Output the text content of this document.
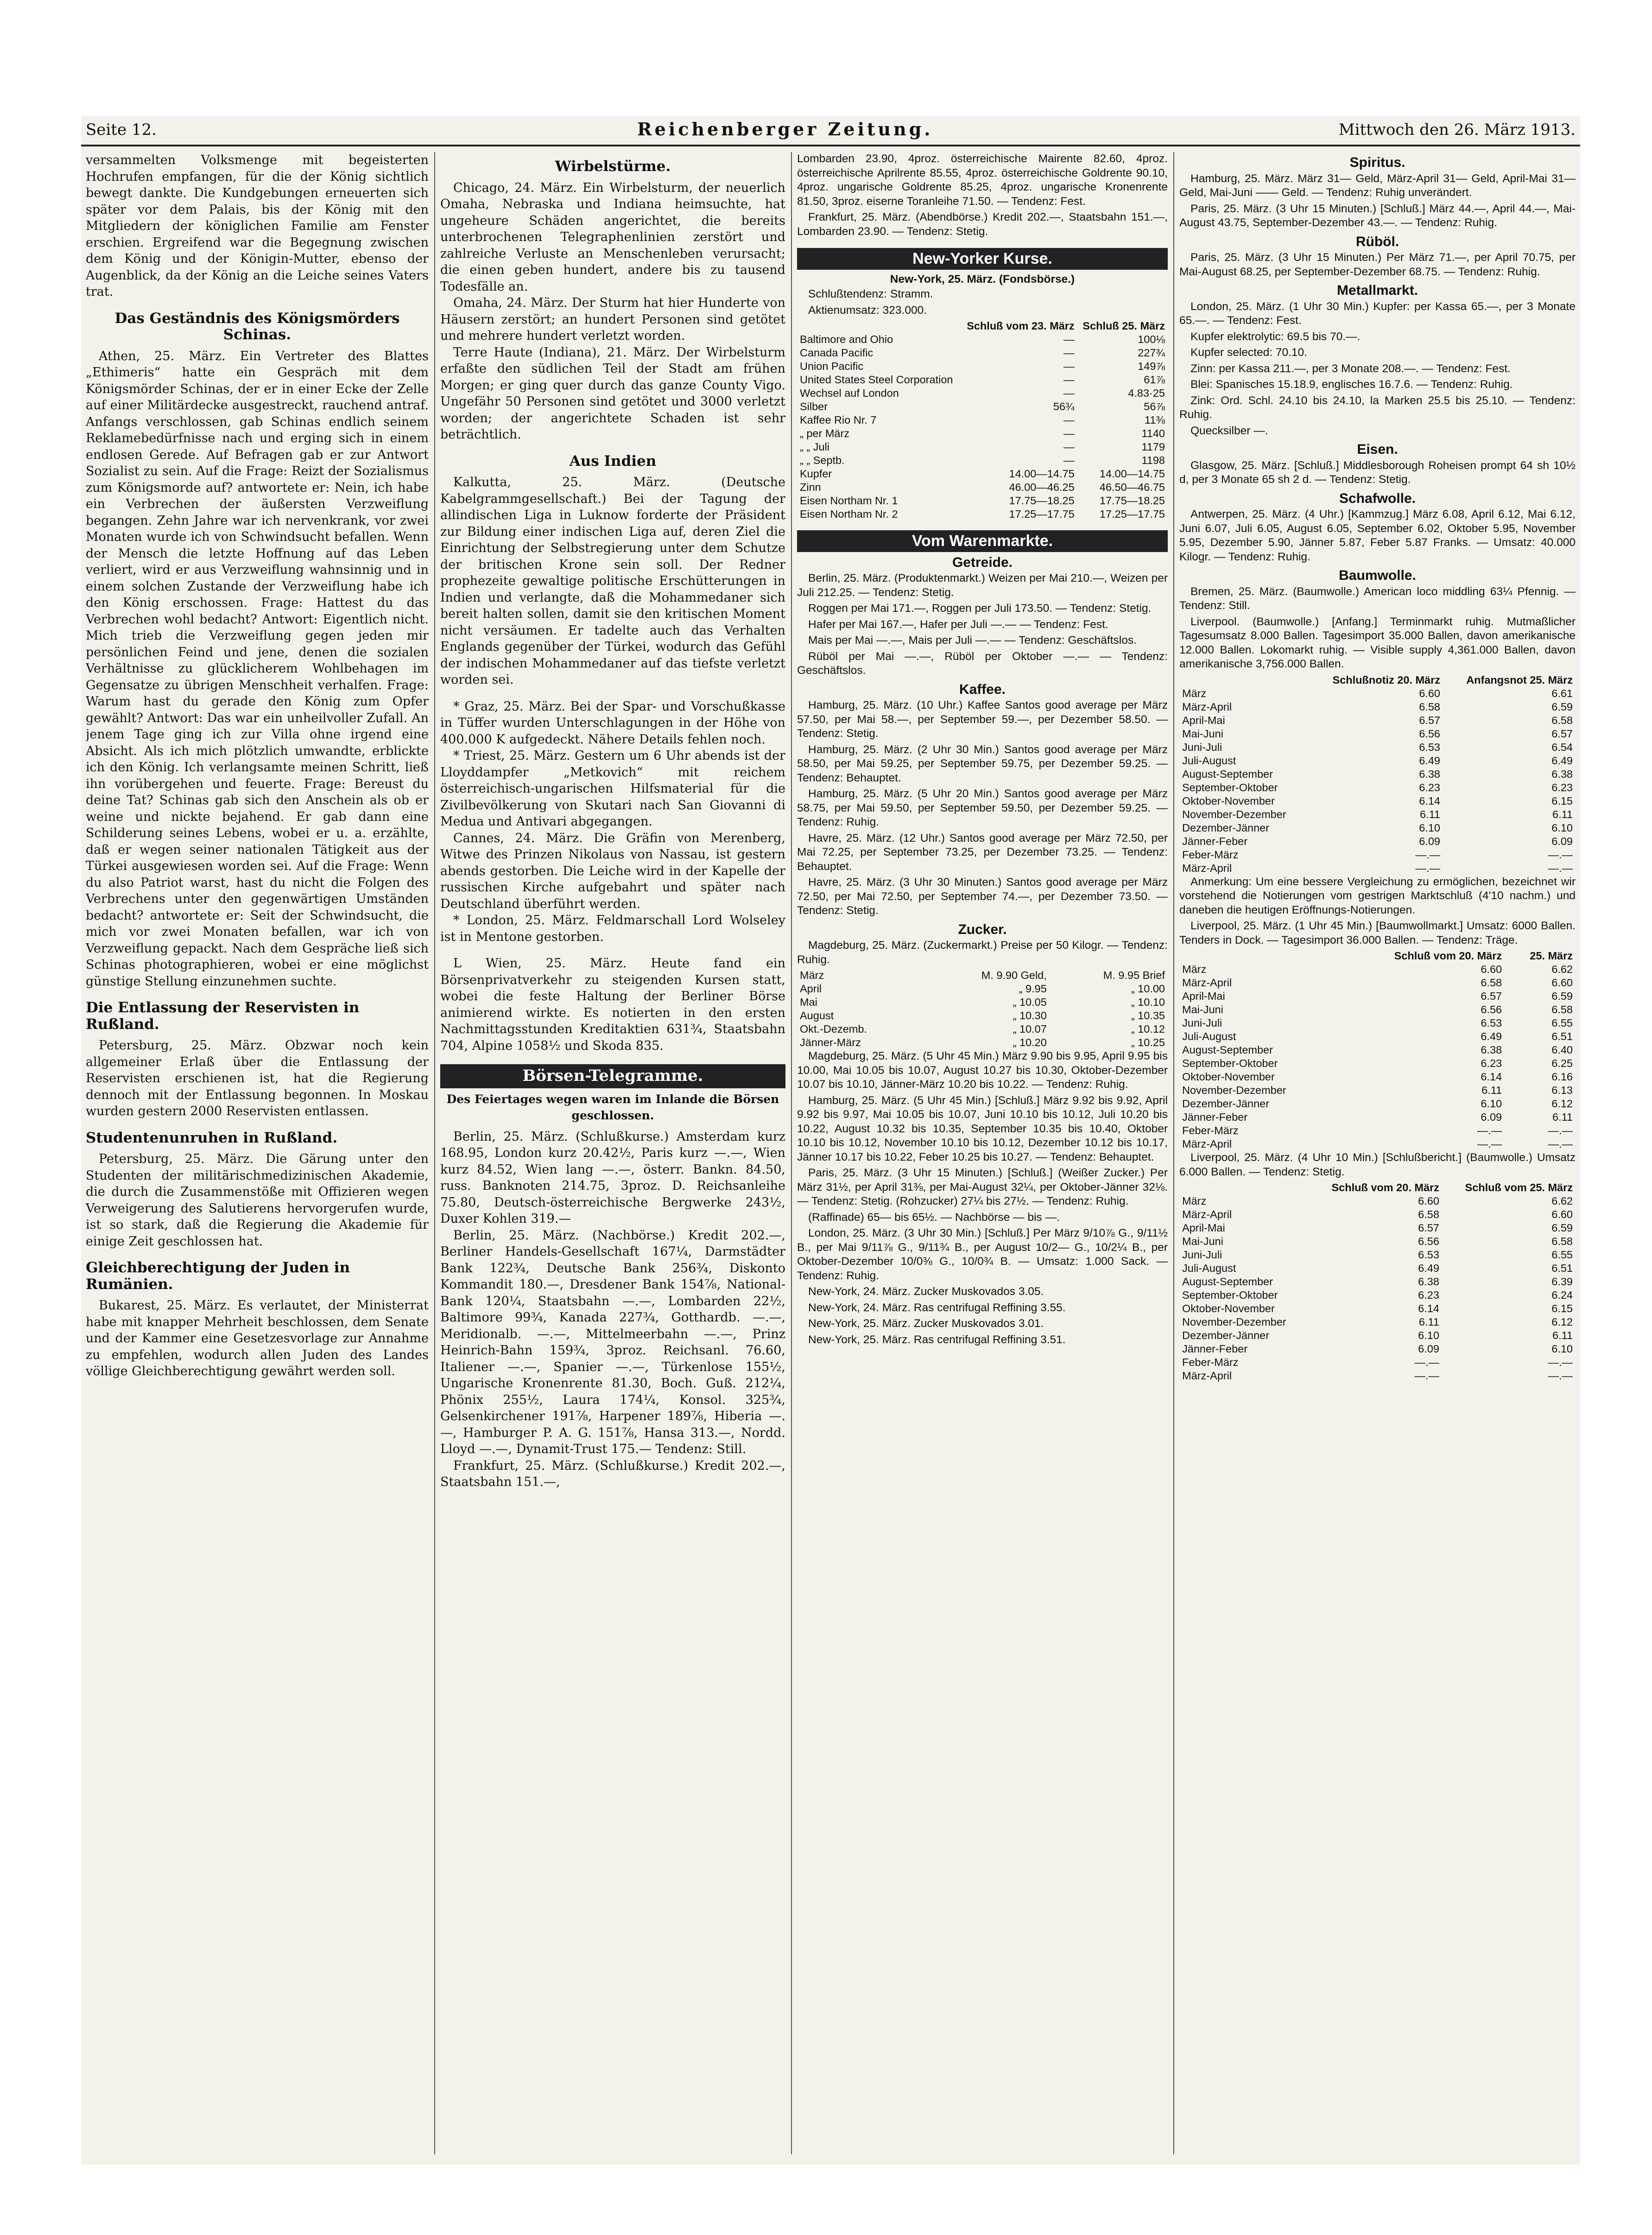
Seite 12.	Reichenberger Zeitung.	Mittwoch den 26. März 1913.

versammelten Volksmenge mit begeisterten Hochrufen empfangen, für die der König sichtlich bewegt dankte. Die Kundgebungen erneuerten sich später vor dem Palais, bis der König mit den Mitgliedern der königlichen Familie am Fenster erschien. Ergreifend war die Begegnung zwischen dem König und der Königin-Mutter, ebenso der Augenblick, da der König an die Leiche seines Vaters trat.

Das Geständnis des Königsmörders Schinas.

Athen, 25. März. Ein Vertreter des Blattes „Ethimeris“ hatte ein Gespräch mit dem Königsmörder Schinas, der er in einer Ecke der Zelle auf einer Militärdecke ausgestreckt, rauchend antraf. Anfangs verschlossen, gab Schinas endlich seinem Reklamebedürfnisse nach und erging sich in einem endlosen Gerede. Auf Befragen gab er zur Antwort Sozialist zu sein. Auf die Frage: Reizt der Sozialismus zum Königsmorde auf? antwortete er: Nein, ich habe ein Verbrechen der äußersten Verzweiflung begangen. Zehn Jahre war ich nervenkrank, vor zwei Monaten wurde ich von Schwindsucht befallen. Wenn der Mensch die letzte Hoffnung auf das Leben verliert, wird er aus Verzweiflung wahnsinnig und in einem solchen Zustande der Verzweiflung habe ich den König erschossen. Frage: Hattest du das Verbrechen wohl bedacht? Antwort: Eigentlich nicht. Mich trieb die Verzweiflung gegen jeden mir persönlichen Feind und jene, denen die sozialen Verhältnisse zu glücklicherem Wohlbehagen im Gegensatze zu übrigen Menschheit verhalfen. Frage: Warum hast du gerade den König zum Opfer gewählt? Antwort: Das war ein unheilvoller Zufall. An jenem Tage ging ich zur Villa ohne irgend eine Absicht. Als ich mich plötzlich umwandte, erblickte ich den König. Ich verlangsamte meinen Schritt, ließ ihn vorübergehen und feuerte. Frage: Bereust du deine Tat? Schinas gab sich den Anschein als ob er weine und nickte bejahend. Er gab dann eine Schilderung seines Lebens, wobei er u. a. erzählte, daß er wegen seiner nationalen Tätigkeit aus der Türkei ausgewiesen worden sei. Auf die Frage: Wenn du also Patriot warst, hast du nicht die Folgen des Verbrechens unter den gegenwärtigen Umständen bedacht? antwortete er: Seit der Schwindsucht, die mich vor zwei Monaten befallen, war ich von Verzweiflung gepackt. Nach dem Gespräche ließ sich Schinas photographieren, wobei er eine möglichst günstige Stellung einzunehmen suchte.

Die Entlassung der Reservisten in Rußland.

Petersburg, 25. März. Obzwar noch kein allgemeiner Erlaß über die Entlassung der Reservisten erschienen ist, hat die Regierung dennoch mit der Entlassung begonnen. In Moskau wurden gestern 2000 Reservisten entlassen.

Studentenunruhen in Rußland.

Petersburg, 25. März. Die Gärung unter den Studenten der militärischmedizinischen Akademie, die durch die Zusammenstöße mit Offizieren wegen Verweigerung des Salutierens hervorgerufen wurde, ist so stark, daß die Regierung die Akademie für einige Zeit geschlossen hat.

Gleichberechtigung der Juden in Rumänien.

Bukarest, 25. März. Es verlautet, der Ministerrat habe mit knapper Mehrheit beschlossen, dem Senate und der Kammer eine Gesetzesvorlage zur Annahme zu empfehlen, wodurch allen Juden des Landes völlige Gleichberechtigung gewährt werden soll.

Wirbelstürme.

Chicago, 24. März. Ein Wirbelsturm, der neuerlich Omaha, Nebraska und Indiana heimsuchte, hat ungeheure Schäden angerichtet, die bereits unterbrochenen Telegraphenlinien zerstört und zahlreiche Verluste an Menschenleben verursacht; die einen geben hundert, andere bis zu tausend Todesfälle an.

Omaha, 24. März. Der Sturm hat hier Hunderte von Häusern zerstört; an hundert Personen sind getötet und mehrere hundert verletzt worden.

Terre Haute (Indiana), 21. März. Der Wirbelsturm erfaßte den südlichen Teil der Stadt am frühen Morgen; er ging quer durch das ganze County Vigo. Ungefähr 50 Personen sind getötet und 3000 verletzt worden; der angerichtete Schaden ist sehr beträchtlich.

Aus Indien

Kalkutta, 25. März. (Deutsche Kabelgrammgesellschaft.) Bei der Tagung der allindischen Liga in Luknow forderte der Präsident zur Bildung einer indischen Liga auf, deren Ziel die Einrichtung der Selbstregierung unter dem Schutze der britischen Krone sein soll. Der Redner prophezeite gewaltige politische Erschütterungen in Indien und verlangte, daß die Mohammedaner sich bereit halten sollen, damit sie den kritischen Moment nicht versäumen. Er tadelte auch das Verhalten Englands gegenüber der Türkei, wodurch das Gefühl der indischen Mohammedaner auf das tiefste verletzt worden sei.

* Graz, 25. März. Bei der Spar- und Vorschußkasse in Tüffer wurden Unterschlagungen in der Höhe von 400.000 K aufgedeckt. Nähere Details fehlen noch.

* Triest, 25. März. Gestern um 6 Uhr abends ist der Lloyddampfer „Metkovich“ mit reichem österreichisch-ungarischen Hilfsmaterial für die Zivilbevölkerung von Skutari nach San Giovanni di Medua und Antivari abgegangen.

Cannes, 24. März. Die Gräfin von Merenberg, Witwe des Prinzen Nikolaus von Nassau, ist gestern abends gestorben. Die Leiche wird in der Kapelle der russischen Kirche aufgebahrt und später nach Deutschland überführt werden.

* London, 25. März. Feldmarschall Lord Wolseley ist in Mentone gestorben.

L Wien, 25. März. Heute fand ein Börsenprivatverkehr zu steigenden Kursen statt, wobei die feste Haltung der Berliner Börse animierend wirkte. Es notierten in den ersten Nachmittagsstunden Kreditaktien 631¾, Staatsbahn 704, Alpine 1058½ und Skoda 835.

Börsen-Telegramme.
Des Feiertages wegen waren im Inlande die Börsen geschlossen.

Berlin, 25. März. (Schlußkurse.) Amsterdam kurz 168.95, London kurz 20.42½, Paris kurz —.—, Wien kurz 84.52, Wien lang —.—, österr. Bankn. 84.50, russ. Banknoten 214.75, 3proz. D. Reichsanleihe 75.80, Deutsch-österreichische Bergwerke 243½, Duxer Kohlen 319.—

Berlin, 25. März. (Nachbörse.) Kredit 202.—, Berliner Handels-Gesellschaft 167¼, Darmstädter Bank 122¾, Deutsche Bank 256¾, Diskonto Kommandit 180.—, Dresdener Bank 154⅞, National-Bank 120¼, Staatsbahn —.—, Lombarden 22½, Baltimore 99¾, Kanada 227¾, Gotthardb. —.—, Meridionalb. —.—, Mittelmeerbahn —.—, Prinz Heinrich-Bahn 159¾, 3proz. Reichsanl. 76.60, Italiener —.—, Spanier —.—, Türkenlose 155½, Ungarische Kronenrente 81.30, Boch. Guß. 212¼, Phönix 255½, Laura 174¼, Konsol. 325¾, Gelsenkirchener 191⅞, Harpener 189⅞, Hiberia —.—, Hamburger P. A. G. 151⅞, Hansa 313.—, Nordd. Lloyd —.—, Dynamit-Trust 175.— Tendenz: Still.

Frankfurt, 25. März. (Schlußkurse.) Kredit 202.—, Staatsbahn 151.—,

Lombarden 23.90, 4proz. österreichische Mairente 82.60, 4proz. österreichische Aprilrente 85.55, 4proz. österreichische Goldrente 90.10, 4proz. ungarische Goldrente 85.25, 4proz. ungarische Kronenrente 81.50, 3proz. eiserne Toranleihe 71.50. — Tendenz: Fest.

Frankfurt, 25. März. (Abendbörse.) Kredit 202.—, Staatsbahn 151.—, Lombarden 23.90. — Tendenz: Stetig.

New-Yorker Kurse.

New-York, 25. März. (Fondsbörse.)

Schlußtendenz: Stramm.

Aktienumsatz: 323.000.

	Schluß vom 23. März	Schluß 25. März
Baltimore and Ohio	—	100⅛
Canada Pacific	—	227¾
Union Pacific	—	149⅞
United States Steel Corporation	—	61⅞
Wechsel auf London	—	4.83·25
Silber	56¾	56⅞
Kaffee Rio Nr. 7	—	11⅜
„ per März	—	1140
„ „ Juli	—	1179
„ „ Septb.	—	1198
Kupfer	14.00—14.75	14.00—14.75
Zinn	46.00—46.25	46.50—46.75
Eisen Northam Nr. 1	17.75—18.25	17.75—18.25
Eisen Northam Nr. 2	17.25—17.75	17.25—17.75
Vom Warenmarkte.
Getreide.

Berlin, 25. März. (Produktenmarkt.) Weizen per Mai 210.—, Weizen per Juli 212.25. — Tendenz: Stetig.

Roggen per Mai 171.—, Roggen per Juli 173.50. — Tendenz: Stetig.

Hafer per Mai 167.—, Hafer per Juli —.— — Tendenz: Fest.

Mais per Mai —.—, Mais per Juli —.— — Tendenz: Geschäftslos.

Rüböl per Mai —.—, Rüböl per Oktober —.— — Tendenz: Geschäftslos.

Kaffee.

Hamburg, 25. März. (10 Uhr.) Kaffee Santos good average per März 57.50, per Mai 58.—, per September 59.—, per Dezember 58.50. — Tendenz: Stetig.

Hamburg, 25. März. (2 Uhr 30 Min.) Santos good average per März 58.50, per Mai 59.25, per September 59.75, per Dezember 59.25. — Tendenz: Behauptet.

Hamburg, 25. März. (5 Uhr 20 Min.) Santos good average per März 58.75, per Mai 59.50, per September 59.50, per Dezember 59.25. — Tendenz: Ruhig.

Havre, 25. März. (12 Uhr.) Santos good average per März 72.50, per Mai 72.25, per September 73.25, per Dezember 73.25. — Tendenz: Behauptet.

Havre, 25. März. (3 Uhr 30 Minuten.) Santos good average per März 72.50, per Mai 72.50, per September 74.—, per Dezember 73.50. — Tendenz: Stetig.

Zucker.

Magdeburg, 25. März. (Zuckermarkt.) Preise per 50 Kilogr. — Tendenz: Ruhig.

März	M. 9.90 Geld,	M. 9.95 Brief
April	„ 9.95	„ 10.00
Mai	„ 10.05	„ 10.10
August	„ 10.30	„ 10.35
Okt.-Dezemb.	„ 10.07	„ 10.12
Jänner-März	„ 10.20	„ 10.25

Magdeburg, 25. März. (5 Uhr 45 Min.) März 9.90 bis 9.95, April 9.95 bis 10.00, Mai 10.05 bis 10.07, August 10.27 bis 10.30, Oktober-Dezember 10.07 bis 10.10, Jänner-März 10.20 bis 10.22. — Tendenz: Ruhig.

Hamburg, 25. März. (5 Uhr 45 Min.) [Schluß.] März 9.92 bis 9.92, April 9.92 bis 9.97, Mai 10.05 bis 10.07, Juni 10.10 bis 10.12, Juli 10.20 bis 10.22, August 10.32 bis 10.35, September 10.35 bis 10.40, Oktober 10.10 bis 10.12, November 10.10 bis 10.12, Dezember 10.12 bis 10.17, Jänner 10.17 bis 10.22, Feber 10.25 bis 10.27. — Tendenz: Behauptet.

Paris, 25. März. (3 Uhr 15 Minuten.) [Schluß.] (Weißer Zucker.) Per März 31½, per April 31⅜, per Mai-August 32¼, per Oktober-Jänner 32⅛. — Tendenz: Stetig. (Rohzucker) 27¼ bis 27½. — Tendenz: Ruhig.

(Raffinade) 65— bis 65½. — Nachbörse — bis —.

London, 25. März. (3 Uhr 30 Min.) [Schluß.] Per März 9/10⅞ G., 9/11½ B., per Mai 9/11⅞ G., 9/11¾ B., per August 10/2— G., 10/2¼ B., per Oktober-Dezember 10/0⅜ G., 10/0¾ B. — Umsatz: 1.000 Sack. — Tendenz: Ruhig.

New-York, 24. März. Zucker Muskovados 3.05.

New-York, 24. März. Ras centrifugal Reffining 3.55.

New-York, 25. März. Zucker Muskovados 3.01.

New-York, 25. März. Ras centrifugal Reffining 3.51.

Spiritus.

Hamburg, 25. März. März 31— Geld, März-April 31— Geld, April-Mai 31— Geld, Mai-Juni —— Geld. — Tendenz: Ruhig unverändert.

Paris, 25. März. (3 Uhr 15 Minuten.) [Schluß.] März 44.—, April 44.—, Mai-August 43.75, September-Dezember 43.—. — Tendenz: Ruhig.

Rüböl.

Paris, 25. März. (3 Uhr 15 Minuten.) Per März 71.—, per April 70.75, per Mai-August 68.25, per September-Dezember 68.75. — Tendenz: Ruhig.

Metallmarkt.

London, 25. März. (1 Uhr 30 Min.) Kupfer: per Kassa 65.—, per 3 Monate 65.—. — Tendenz: Fest.

Kupfer elektrolytic: 69.5 bis 70.—.

Kupfer selected: 70.10.

Zinn: per Kassa 211.—, per 3 Monate 208.—. — Tendenz: Fest.

Blei: Spanisches 15.18.9, englisches 16.7.6. — Tendenz: Ruhig.

Zink: Ord. Schl. 24.10 bis 24.10, la Marken 25.5 bis 25.10. — Tendenz: Ruhig.

Quecksilber —.

Eisen.

Glasgow, 25. März. [Schluß.] Middlesborough Roheisen prompt 64 sh 10½ d, per 3 Monate 65 sh 2 d. — Tendenz: Stetig.

Schafwolle.

Antwerpen, 25. März. (4 Uhr.) [Kammzug.] März 6.08, April 6.12, Mai 6.12, Juni 6.07, Juli 6.05, August 6.05, September 6.02, Oktober 5.95, November 5.95, Dezember 5.90, Jänner 5.87, Feber 5.87 Franks. — Umsatz: 40.000 Kilogr. — Tendenz: Ruhig.

Baumwolle.

Bremen, 25. März. (Baumwolle.) American loco middling 63¼ Pfennig. — Tendenz: Still.

Liverpool. (Baumwolle.) [Anfang.] Terminmarkt ruhig. Mutmaßlicher Tagesumsatz 8.000 Ballen. Tagesimport 35.000 Ballen, davon amerikanische 12.000 Ballen. Lokomarkt ruhig. — Visible supply 4,361.000 Ballen, davon amerikanische 3,756.000 Ballen.

	Schlußnotiz 20. März	Anfangsnot 25. März
März	6.60	6.61
März-April	6.58	6.59
April-Mai	6.57	6.58
Mai-Juni	6.56	6.57
Juni-Juli	6.53	6.54
Juli-August	6.49	6.49
August-September	6.38	6.38
September-Oktober	6.23	6.23
Oktober-November	6.14	6.15
November-Dezember	6.11	6.11
Dezember-Jänner	6.10	6.10
Jänner-Feber	6.09	6.09
Feber-März	—.—	—.—
März-April	—.—	—.—

Anmerkung: Um eine bessere Vergleichung zu ermöglichen, bezeichnet wir vorstehend die Notierungen vom gestrigen Marktschluß (4'10 nachm.) und daneben die heutigen Eröffnungs-Notierungen.

Liverpool, 25. März. (1 Uhr 45 Min.) [Baumwollmarkt.] Umsatz: 6000 Ballen. Tenders in Dock. — Tagesimport 36.000 Ballen. — Tendenz: Träge.

	Schluß vom 20. März	25. März
März	6.60	6.62
März-April	6.58	6.60
April-Mai	6.57	6.59
Mai-Juni	6.56	6.58
Juni-Juli	6.53	6.55
Juli-August	6.49	6.51
August-September	6.38	6.40
September-Oktober	6.23	6.25
Oktober-November	6.14	6.16
November-Dezember	6.11	6.13
Dezember-Jänner	6.10	6.12
Jänner-Feber	6.09	6.11
Feber-März	—.—	—.—
März-April	—.—	—.—

Liverpool, 25. März. (4 Uhr 10 Min.) [Schlußbericht.] (Baumwolle.) Umsatz 6.000 Ballen. — Tendenz: Stetig.

	Schluß vom 20. März	Schluß vom 25. März
März	6.60	6.62
März-April	6.58	6.60
April-Mai	6.57	6.59
Mai-Juni	6.56	6.58
Juni-Juli	6.53	6.55
Juli-August	6.49	6.51
August-September	6.38	6.39
September-Oktober	6.23	6.24
Oktober-November	6.14	6.15
November-Dezember	6.11	6.12
Dezember-Jänner	6.10	6.11
Jänner-Feber	6.09	6.10
Feber-März	—.—	—.—
März-April	—.—	—.—
